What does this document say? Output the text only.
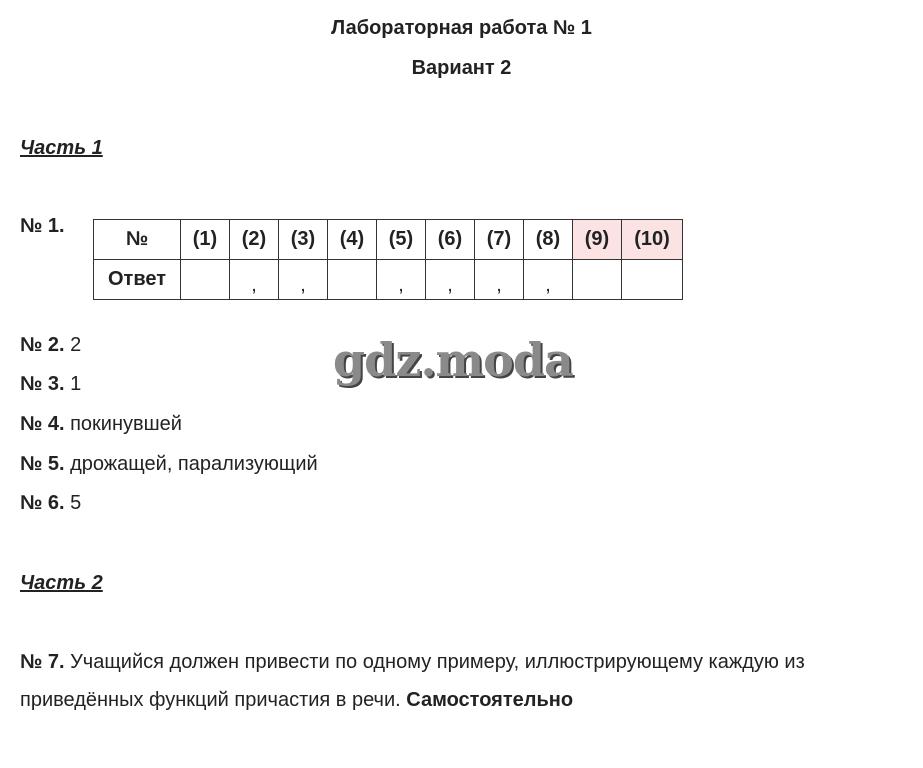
Лабораторная работа № 1
Вариант 2
Часть 1
№ 1.
№	(1)	(2)	(3)	(4)	(5)	(6)	(7)	(8)	(9)	(10)
Ответ		,	,		,	,	,	,		
№ 2. 2
№ 3. 1
№ 4. покинувшей
№ 5. дрожащей, парализующий
№ 6. 5
gdz.moda
Часть 2
№ 7. Учащийся должен привести по одному примеру, иллюстрирующему каждую из
приведённых функций причастия в речи. Самостоятельно
